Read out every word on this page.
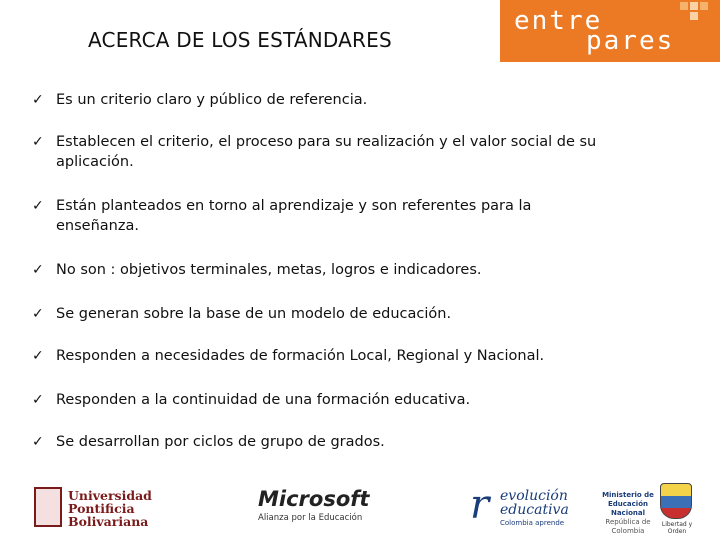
ACERCA DE LOS ESTÁNDARES
entre
pares
✓ Es un criterio claro y público de referencia.
✓ Establecen el criterio, el proceso para su realización y el valor social de su aplicación.
✓ Están planteados en torno al aprendizaje y son referentes para la enseñanza.
✓ No son : objetivos terminales, metas, logros e indicadores.
✓ Se generan sobre la base de un modelo de educación.
✓ Responden a necesidades de formación Local, Regional y Nacional.
✓ Responden a la continuidad de una formación educativa.
✓ Se desarrollan por ciclos de grupo de grados.
Universidad
Pontificia
Bolivariana
Microsoft
Alianza por la Educación	r evolución
educativa
Colombia aprende
Ministerio de
Educación Nacional
República de Colombia
Libertad y Orden
